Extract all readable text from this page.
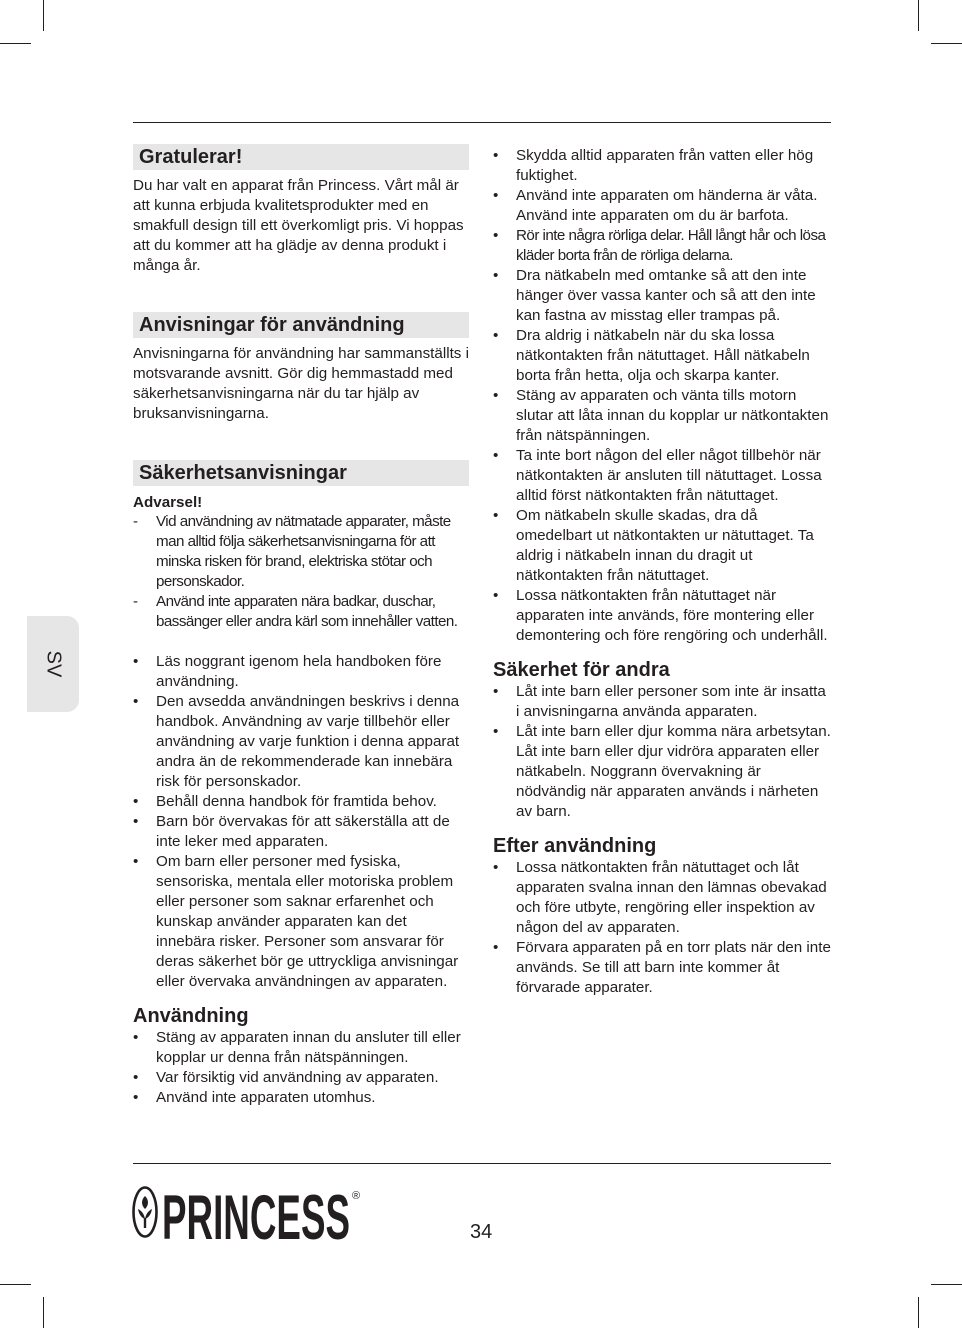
SV
Gratulerar!

Du har valt en apparat från Princess. Vårt mål är att kunna erbjuda kvalitetsprodukter med en smakfull design till ett överkomligt pris. Vi hoppas att du kommer att ha glädje av denna produkt i många år.

Anvisningar för användning

Anvisningarna för användning har sammanställts i motsvarande avsnitt. Gör dig hemmastadd med säkerhetsanvisningarna när du tar hjälp av bruksanvisningarna.

Säkerhetsanvisningar
Advarsel!
-	Vid användning av nätmatade apparater, måste man alltid följa säkerhetsanvisningarna för att minska risken för brand, elektriska stötar och personskador.
-	Använd inte apparaten nära badkar, duschar, bassänger eller andra kärl som innehåller vatten.
•	Läs noggrant igenom hela handboken före användning.
•	Den avsedda användningen beskrivs i denna handbok. Användning av varje tillbehör eller användning av varje funktion i denna apparat andra än de rekommenderade kan innebära risk för personskador.
•	Behåll denna handbok för framtida behov.
•	Barn bör övervakas för att säkerställa att de inte leker med apparaten.
•	Om barn eller personer med fysiska, sensoriska, mentala eller motoriska problem eller personer som saknar erfarenhet och kunskap använder apparaten kan det innebära risker. Personer som ansvarar för deras säkerhet bör ge uttryckliga anvisningar eller övervaka användningen av apparaten.
Användning
•	Stäng av apparaten innan du ansluter till eller kopplar ur denna från nätspänningen.
•	Var försiktig vid användning av apparaten.
•	Använd inte apparaten utomhus.
•	Skydda alltid apparaten från vatten eller hög fuktighet.
•	Använd inte apparaten om händerna är våta. Använd inte apparaten om du är barfota.
•	Rör inte några rörliga delar. Håll långt hår och lösa kläder borta från de rörliga delarna.
•	Dra nätkabeln med omtanke så att den inte hänger över vassa kanter och så att den inte kan fastna av misstag eller trampas på.
•	Dra aldrig i nätkabeln när du ska lossa nätkontakten från nätuttaget. Håll nätkabeln borta från hetta, olja och skarpa kanter.
•	Stäng av apparaten och vänta tills motorn slutar att låta innan du kopplar ur nätkontakten från nätspänningen.
•	Ta inte bort någon del eller något tillbehör när nätkontakten är ansluten till nätuttaget. Lossa alltid först nätkontakten från nätuttaget.
•	Om nätkabeln skulle skadas, dra då omedelbart ut nätkontakten ur nätuttaget. Ta aldrig i nätkabeln innan du dragit ut nätkontakten från nätuttaget.
•	Lossa nätkontakten från nätuttaget när apparaten inte används, före montering eller demontering och före rengöring och underhåll.
Säkerhet för andra
•	Låt inte barn eller personer som inte är insatta i anvisningarna använda apparaten.
•	Låt inte barn eller djur komma nära arbetsytan. Låt inte barn eller djur vidröra apparaten eller nätkabeln. Noggrann övervakning är nödvändig när apparaten används i närheten av barn.
Efter användning
•	Lossa nätkontakten från nätuttaget och låt apparaten svalna innan den lämnas obevakad och före utbyte, rengöring eller inspektion av någon del av apparaten.
•	Förvara apparaten på en torr plats när den inte används. Se till att barn inte kommer åt förvarade apparater.
PRINCESS ®
34
